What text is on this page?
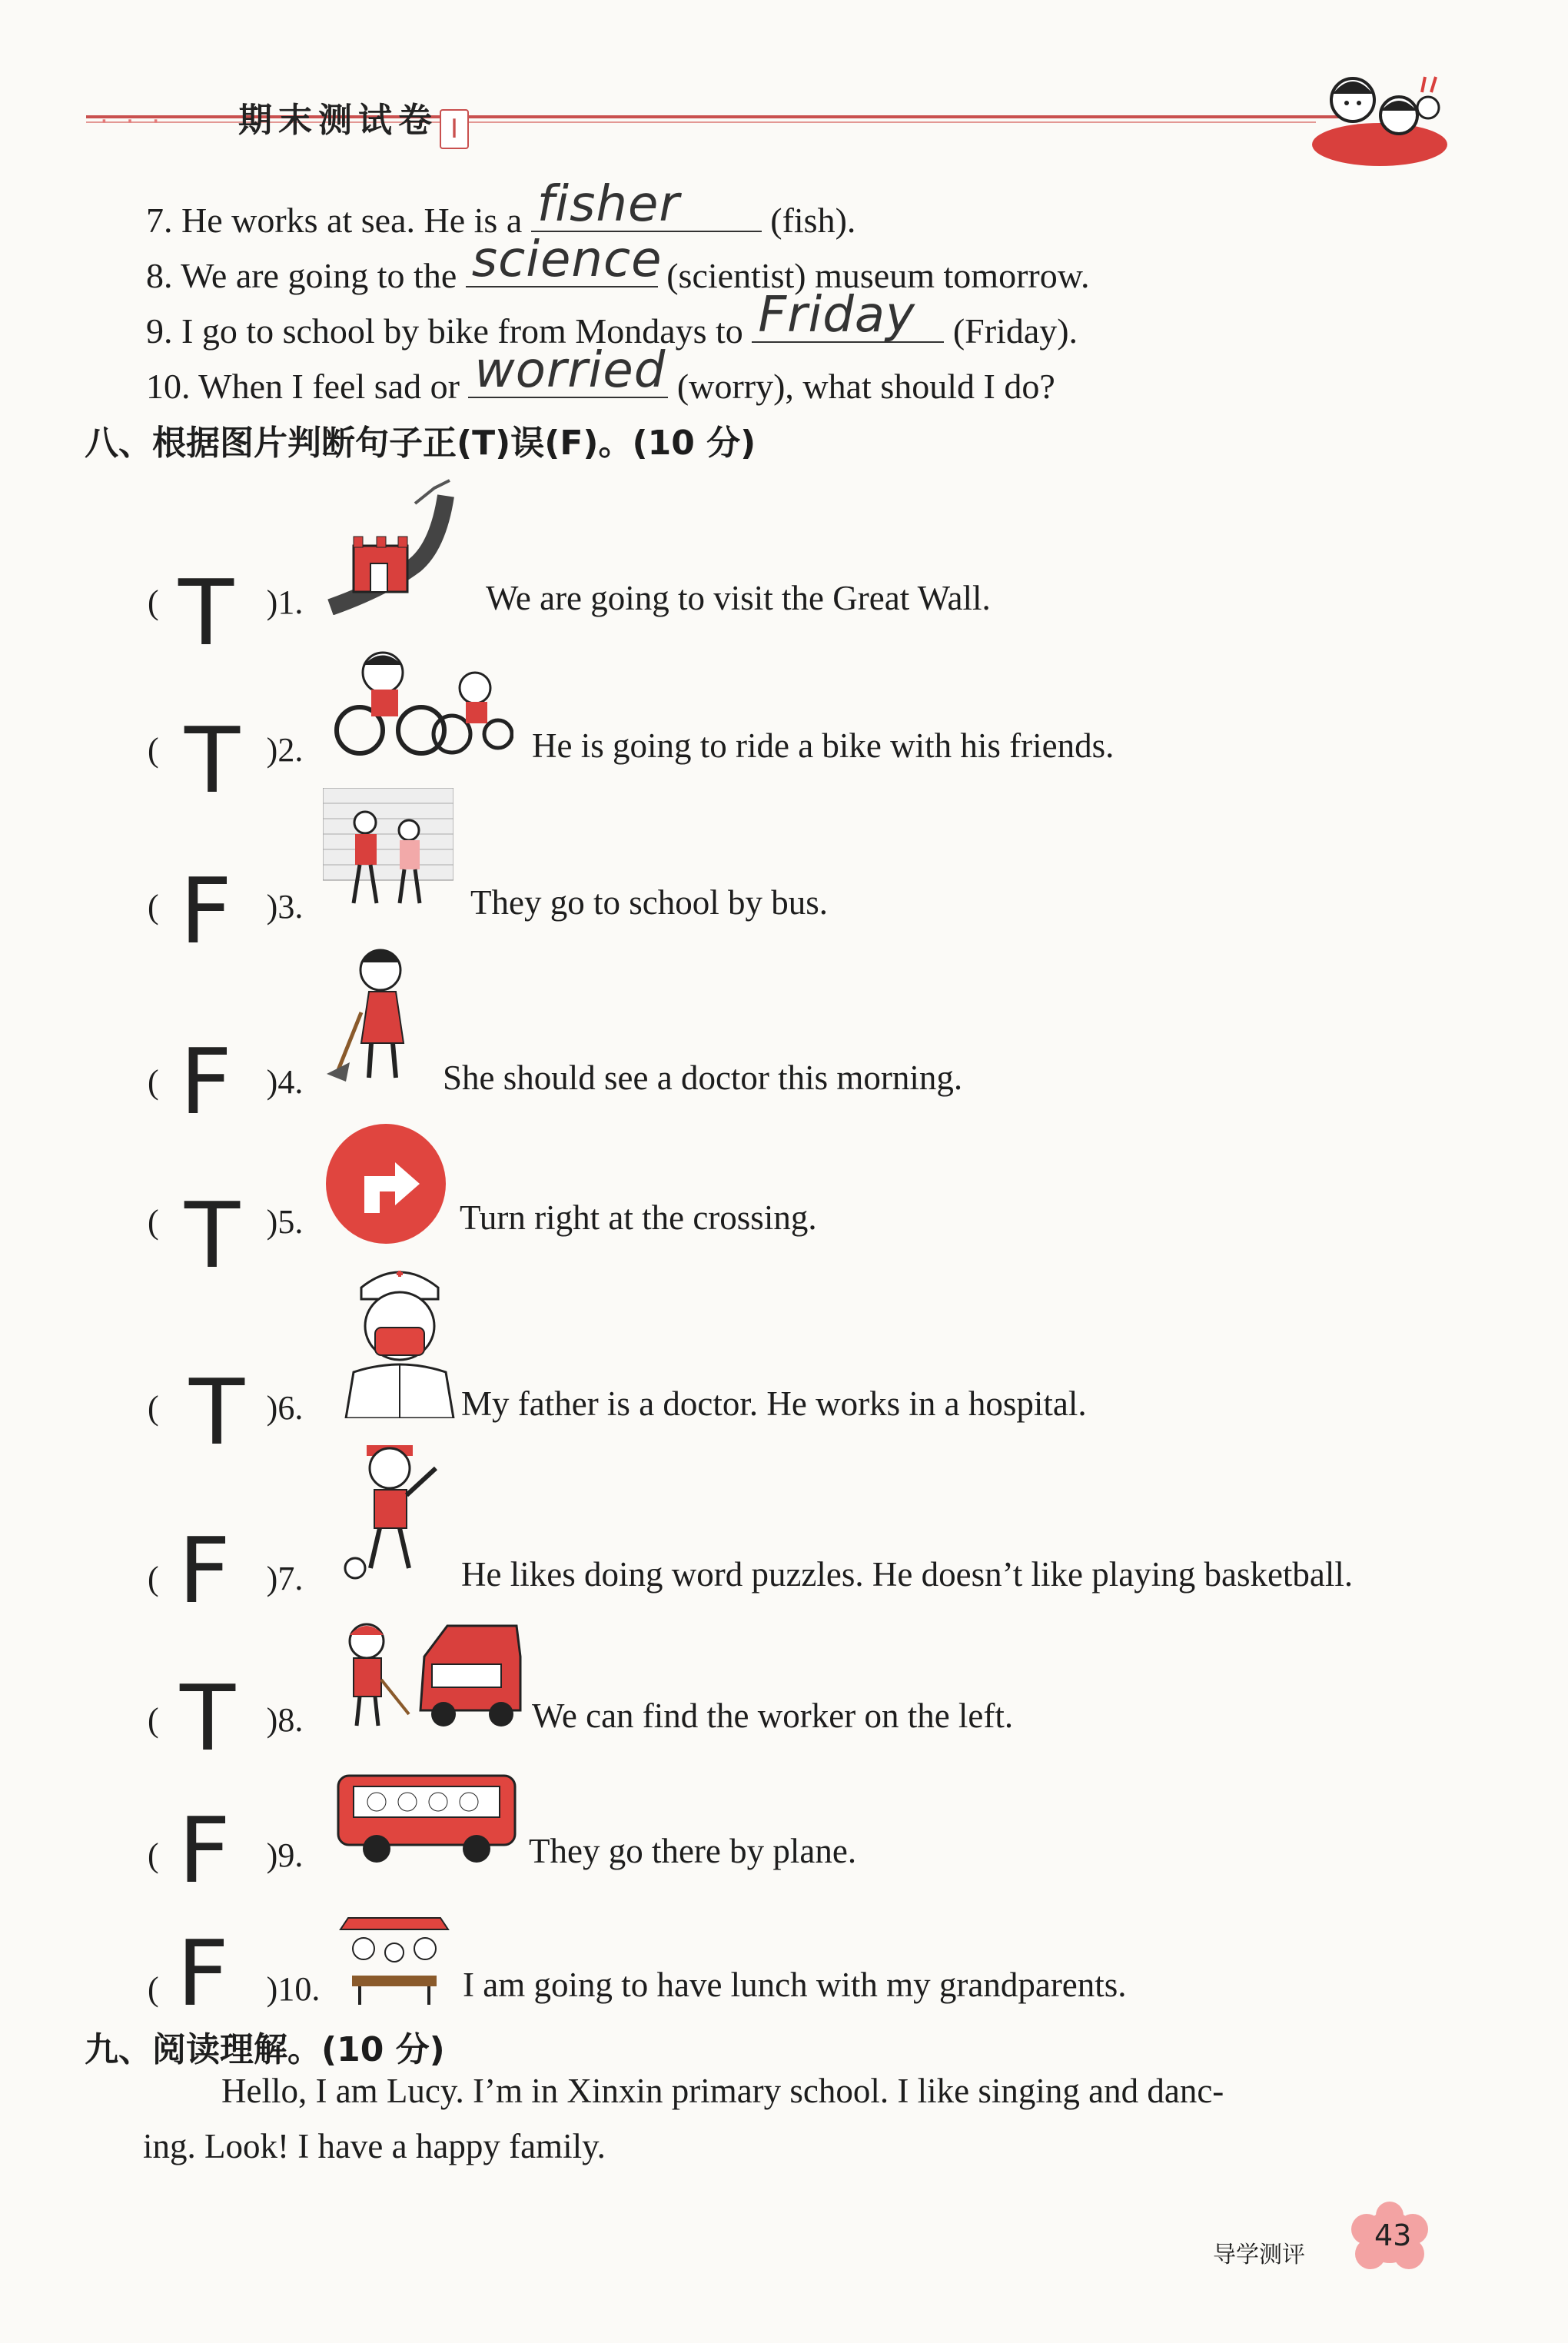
· · · 期末测试卷 Ⅰ
7. He works at sea. He is a fisher	(fish).
8. We are going to the science (scientist) museum tomorrow.
9. I go to school by bike from Mondays to Friday (Friday).
10. When I feel sad or worried (worry), what should I do?
八、根据图片判断句子正(T)误(F)。(10 分)
(	)1.
T	We are going to visit the Great Wall.
(	)2.
T	He is going to ride a bike with his friends.
(	)3.
F	They go to school by bus.
(	)4.
F	She should see a doctor this morning.
(	)5.
T	Turn right at the crossing.
(	)6.
T	My father is a doctor. He works in a hospital.
(	)7.
F	He likes doing word puzzles. He doesn’t like playing basketball.
(	)8.
T	We can find the worker on the left.
(	)9.
F	They go there by plane.
(	)10.
F	I am going to have lunch with my grandparents.
九、阅读理解。(10 分)
Hello, I am Lucy. I’m in Xinxin primary school. I like singing and danc-
ing. Look! I have a happy family.
导学测评
43
